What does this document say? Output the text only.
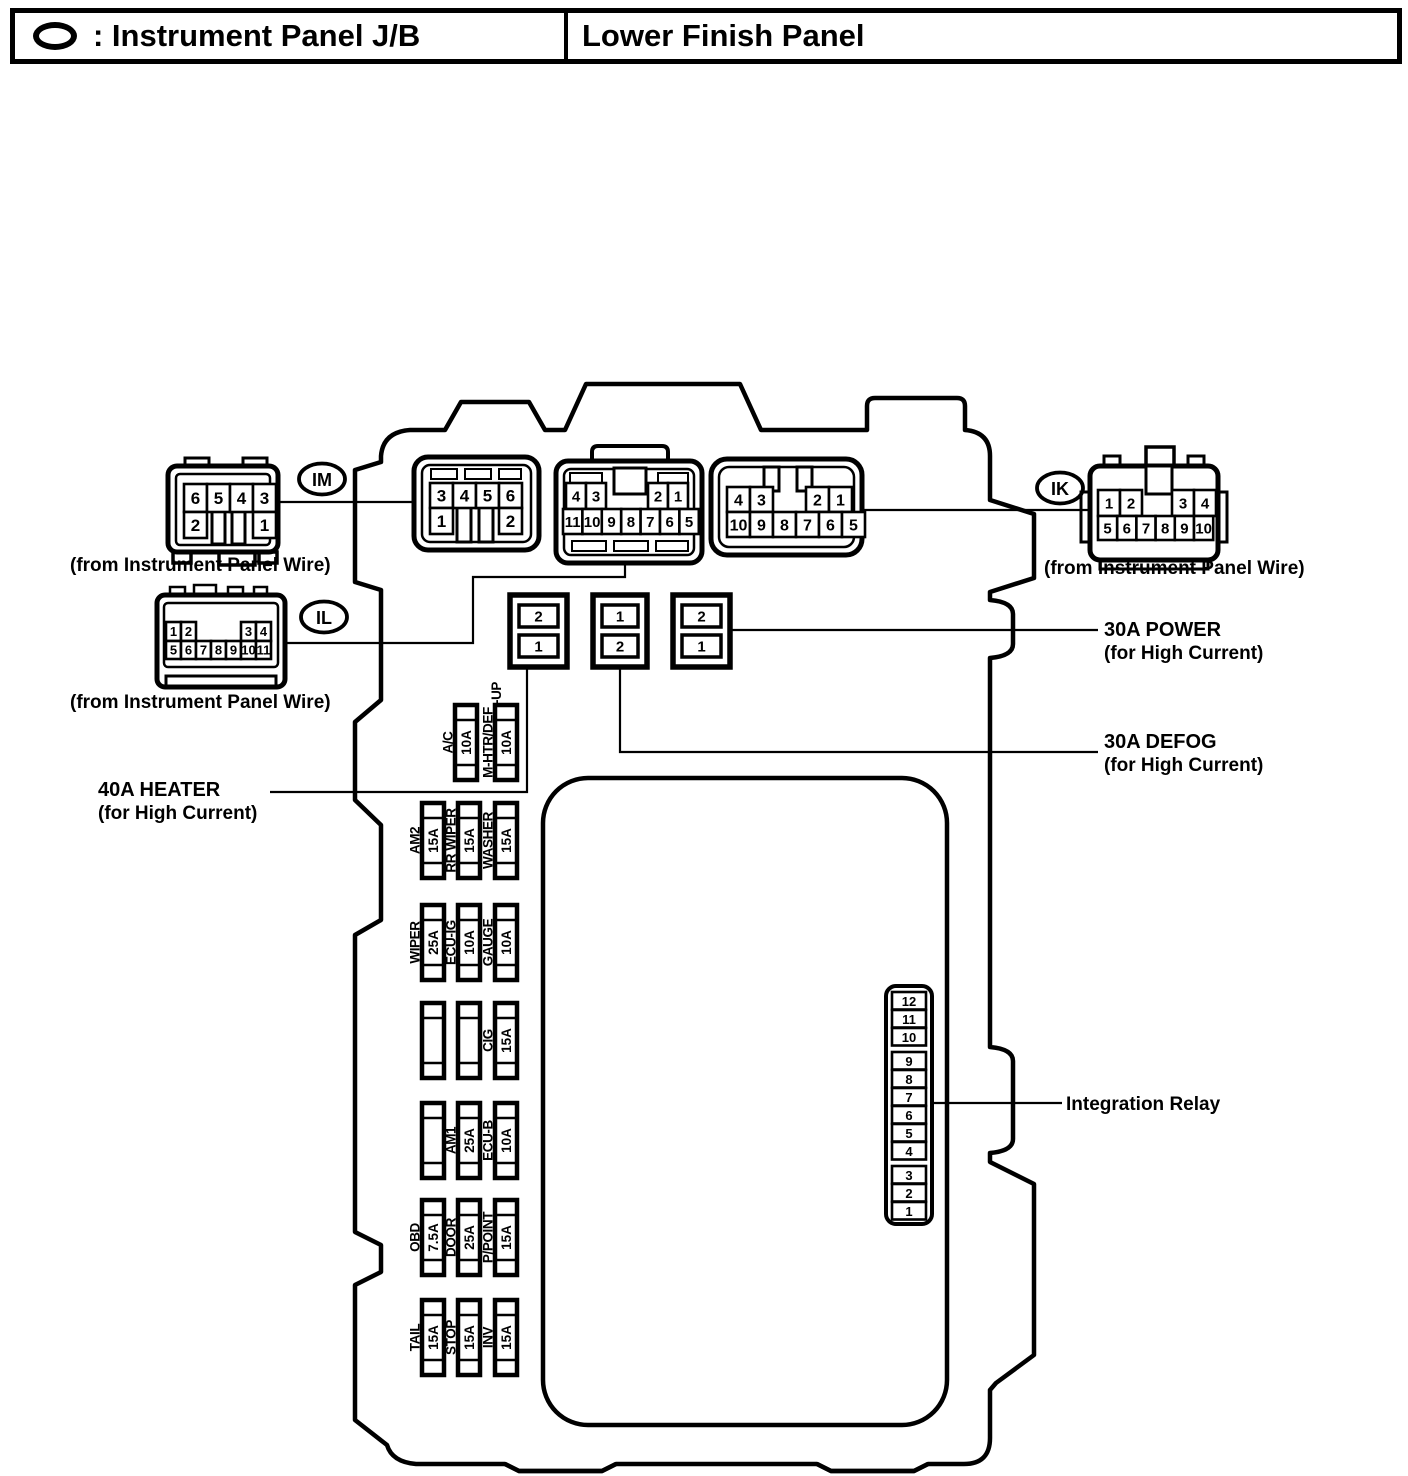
: Instrument Panel J/B	Lower Finish Panel
IM
IL
IK
(from Instrument Panel Wire)
(from Instrument Panel Wire)
(from Instrument Panel Wire)
40A HEATER
(for High Current)
30A POWER
(for High Current)
30A DEFOG
(for High Current)
Integration Relay
6 5 4 3
2	1
3 4 5 6
1	2
4 3	2 1
11 10 9 8 7 6 5
4 3	2 1
10 9 8 7 6 5
1 2	3 4
5 6 7 8 9 10
1 2	3 4
5 6 7 8 9 10 11
2
1
1
2
2
1
10A
A/C	10A
M-HTR/DEF
-UP
15A
AM2	15A
RR WIPER	15A
WASHER
25A
WIPER	10A
ECU-IG	10A
GAUGE
15A
CIG
25A
AM1	10A
ECU-B
7.5A
OBD	25A
DOOR	15A
P/POINT
15A
TAIL	15A
STOP	15A
INV
12
11
10
9
8
7
6
5
4
3
2
1
